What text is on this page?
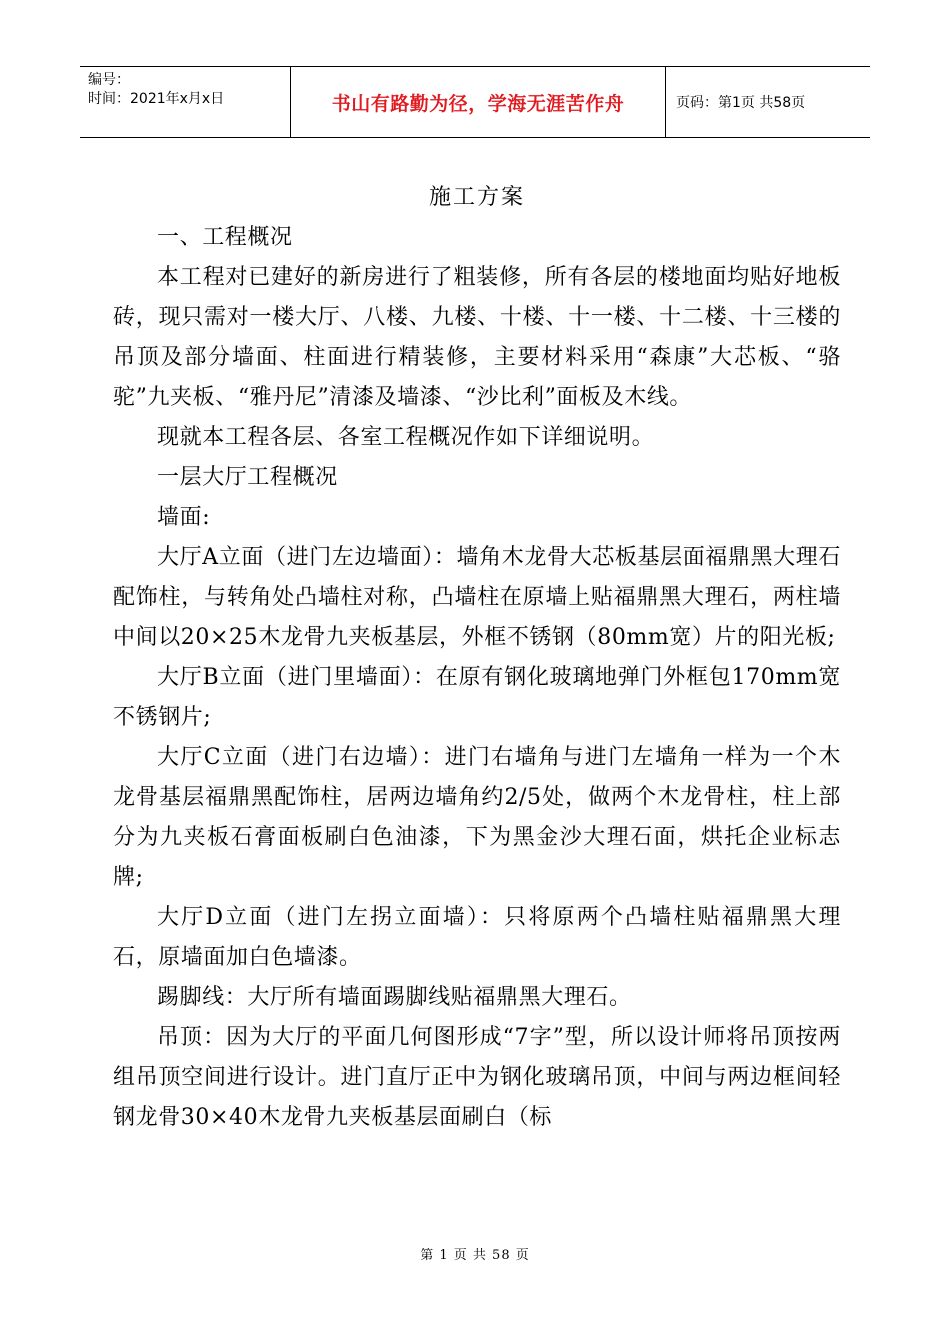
编号：
时间：2021年x月x日	书山有路勤为径，学海无涯苦作舟	页码：第1页 共58页
施工方案

一、工程概况

本工程对已建好的新房进行了粗装修，所有各层的楼地面均贴好地板砖，现只需对一楼大厅、八楼、九楼、十楼、十一楼、十二楼、十三楼的吊顶及部分墙面、柱面进行精装修，主要材料采用“森康”大芯板、“骆驼”九夹板、“雅丹尼”清漆及墙漆、“沙比利”面板及木线。

现就本工程各层、各室工程概况作如下详细说明。

一层大厅工程概况

墙面:

大厅A立面（进门左边墙面）：墙角木龙骨大芯板基层面福鼎黑大理石配饰柱，与转角处凸墙柱对称，凸墙柱在原墙上贴福鼎黑大理石，两柱墙中间以20×25木龙骨九夹板基层，外框不锈钢（80mm宽）片的阳光板;

大厅B立面（进门里墙面）：在原有钢化玻璃地弹门外框包170mm宽不锈钢片;

大厅C立面（进门右边墙）：进门右墙角与进门左墙角一样为一个木龙骨基层福鼎黑配饰柱，居两边墙角约2/5处，做两个木龙骨柱，柱上部分为九夹板石膏面板刷白色油漆，下为黑金沙大理石面，烘托企业标志牌;

大厅D立面（进门左拐立面墙）：只将原两个凸墙柱贴福鼎黑大理石，原墙面加白色墙漆。

踢脚线：大厅所有墙面踢脚线贴福鼎黑大理石。

吊顶：因为大厅的平面几何图形成“7字”型，所以设计师将吊顶按两组吊顶空间进行设计。进门直厅正中为钢化玻璃吊顶，中间与两边框间轻钢龙骨30×40木龙骨九夹板基层面刷白（标

第 1 页 共 58 页
